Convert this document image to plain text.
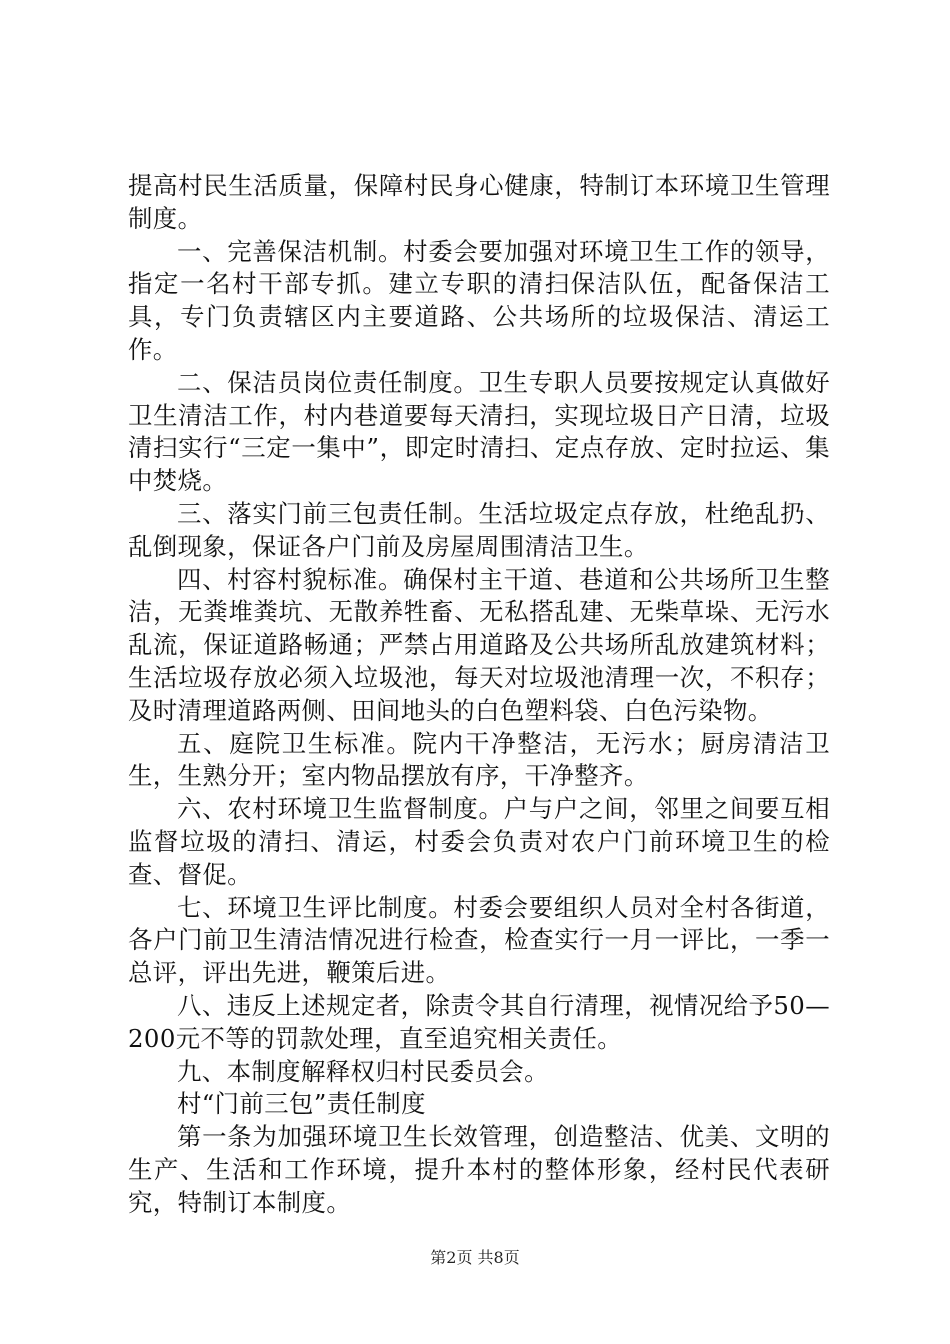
提高村民生活质量，保障村民身心健康，特制订本环境卫生管理制度。

一、完善保洁机制。村委会要加强对环境卫生工作的领导，指定一名村干部专抓。建立专职的清扫保洁队伍，配备保洁工具，专门负责辖区内主要道路、公共场所的垃圾保洁、清运工作。

二、保洁员岗位责任制度。卫生专职人员要按规定认真做好卫生清洁工作，村内巷道要每天清扫，实现垃圾日产日清，垃圾清扫实行“三定一集中”，即定时清扫、定点存放、定时拉运、集中焚烧。

三、落实门前三包责任制。生活垃圾定点存放，杜绝乱扔、乱倒现象，保证各户门前及房屋周围清洁卫生。

四、村容村貌标准。确保村主干道、巷道和公共场所卫生整洁，无粪堆粪坑、无散养牲畜、无私搭乱建、无柴草垛、无污水乱流，保证道路畅通；严禁占用道路及公共场所乱放建筑材料；生活垃圾存放必须入垃圾池，每天对垃圾池清理一次，不积存；及时清理道路两侧、田间地头的白色塑料袋、白色污染物。

五、庭院卫生标准。院内干净整洁，无污水；厨房清洁卫生，生熟分开；室内物品摆放有序，干净整齐。

六、农村环境卫生监督制度。户与户之间，邻里之间要互相监督垃圾的清扫、清运，村委会负责对农户门前环境卫生的检查、督促。

七、环境卫生评比制度。村委会要组织人员对全村各街道，各户门前卫生清洁情况进行检查，检查实行一月一评比，一季一总评，评出先进，鞭策后进。

八、违反上述规定者，除责令其自行清理，视情况给予50—200元不等的罚款处理，直至追究相关责任。

九、本制度解释权归村民委员会。

村“门前三包”责任制度

第一条为加强环境卫生长效管理，创造整洁、优美、文明的生产、生活和工作环境，提升本村的整体形象，经村民代表研究，特制订本制度。

第2页 共8页
